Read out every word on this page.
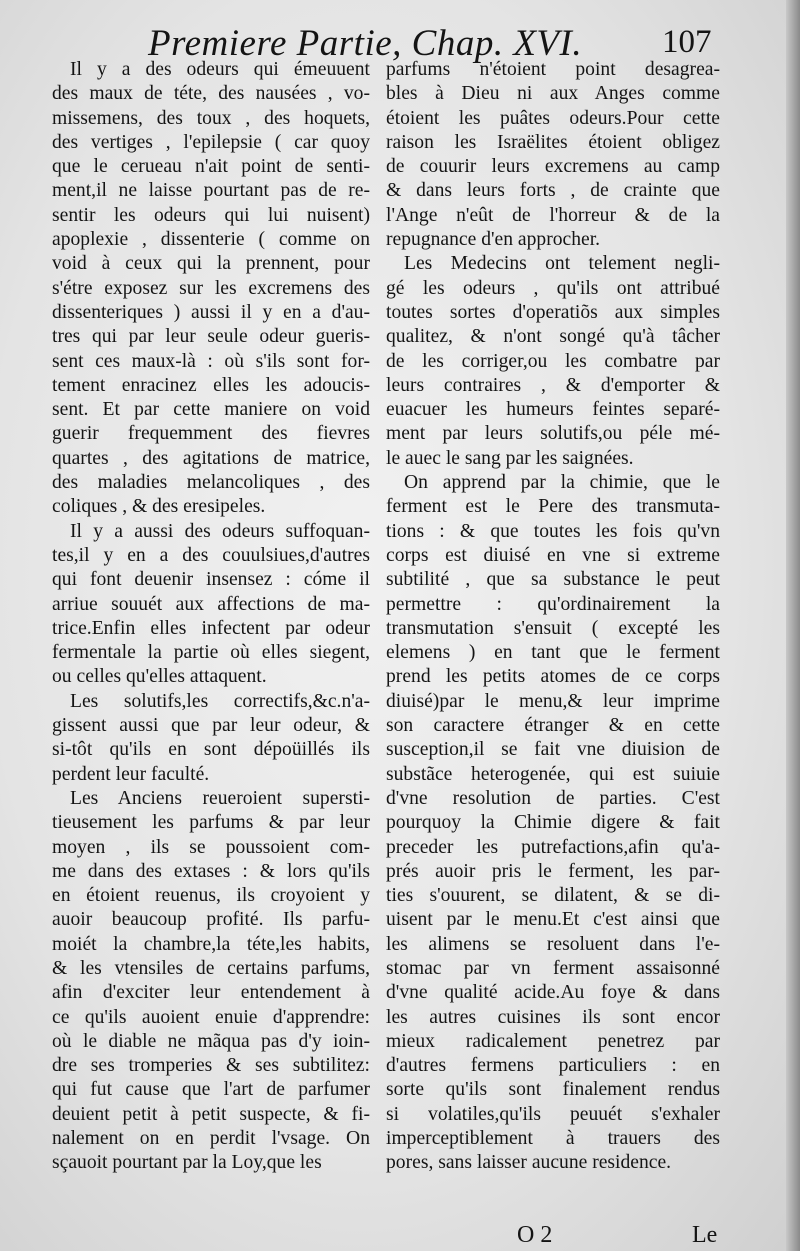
Premiere Partie, Chap. XVI. 107
Il y a des odeurs qui émeuuent
des maux de téte, des nausées , vo-
missemens, des toux , des hoquets,
des vertiges , l'epilepsie ( car quoy
que le cerueau n'ait point de senti-
ment,il ne laisse pourtant pas de re-
sentir les odeurs qui lui nuisent)
apoplexie , dissenterie ( comme on
void à ceux qui la prennent, pour
s'étre exposez sur les excremens des
dissenteriques ) aussi il y en a d'au-
tres qui par leur seule odeur gueris-
sent ces maux-là : où s'ils sont for-
tement enracinez elles les adoucis-
sent. Et par cette maniere on void
guerir frequemment des fievres
quartes , des agitations de matrice,
des maladies melancoliques , des
coliques , & des eresipeles.
Il y a aussi des odeurs suffoquan-
tes,il y en a des couulsiues,d'autres
qui font deuenir insensez : cóme il
arriue souuét aux affections de ma-
trice.Enfin elles infectent par odeur
fermentale la partie où elles siegent,
ou celles qu'elles attaquent.
Les solutifs,les correctifs,&c.n'a-
gissent aussi que par leur odeur, &
si-tôt qu'ils en sont dépoüillés ils
perdent leur faculté.
Les Anciens reueroient supersti-
tieusement les parfums & par leur
moyen , ils se poussoient com-
me dans des extases : & lors qu'ils
en étoient reuenus, ils croyoient y
auoir beaucoup profité. Ils parfu-
moiét la chambre,la téte,les habits,
& les vtensiles de certains parfums,
afin d'exciter leur entendement à
ce qu'ils auoient enuie d'apprendre:
où le diable ne mãqua pas d'y ioin-
dre ses tromperies & ses subtilitez:
qui fut cause que l'art de parfumer
deuient petit à petit suspecte, & fi-
nalement on en perdit l'vsage. On
sçauoit pourtant par la Loy,que les
parfums n'étoient point desagrea-
bles à Dieu ni aux Anges comme
étoient les puâtes odeurs.Pour cette
raison les Israëlites étoient obligez
de couurir leurs excremens au camp
& dans leurs forts , de crainte que
l'Ange n'eût de l'horreur & de la
repugnance d'en approcher.
Les Medecins ont telement negli-
gé les odeurs , qu'ils ont attribué
toutes sortes d'operatiõs aux simples
qualitez, & n'ont songé qu'à tâcher
de les corriger,ou les combatre par
leurs contraires , & d'emporter &
euacuer les humeurs feintes separé-
ment par leurs solutifs,ou péle mé-
le auec le sang par les saignées.
On apprend par la chimie, que le
ferment est le Pere des transmuta-
tions : & que toutes les fois qu'vn
corps est diuisé en vne si extreme
subtilité , que sa substance le peut
permettre : qu'ordinairement la
transmutation s'ensuit ( excepté les
elemens ) en tant que le ferment
prend les petits atomes de ce corps
diuisé)par le menu,& leur imprime
son caractere étranger & en cette
susception,il se fait vne diuision de
substãce heterogenée, qui est suiuie
d'vne resolution de parties. C'est
pourquoy la Chimie digere & fait
preceder les putrefactions,afin qu'a-
prés auoir pris le ferment, les par-
ties s'ouurent, se dilatent, & se di-
uisent par le menu.Et c'est ainsi que
les alimens se resoluent dans l'e-
stomac par vn ferment assaisonné
d'vne qualité acide.Au foye & dans
les autres cuisines ils sont encor
mieux radicalement penetrez par
d'autres fermens particuliers : en
sorte qu'ils sont finalement rendus
si volatiles,qu'ils peuuét s'exhaler
imperceptiblement à trauers des
pores, sans laisser aucune residence.
O 2	Le
